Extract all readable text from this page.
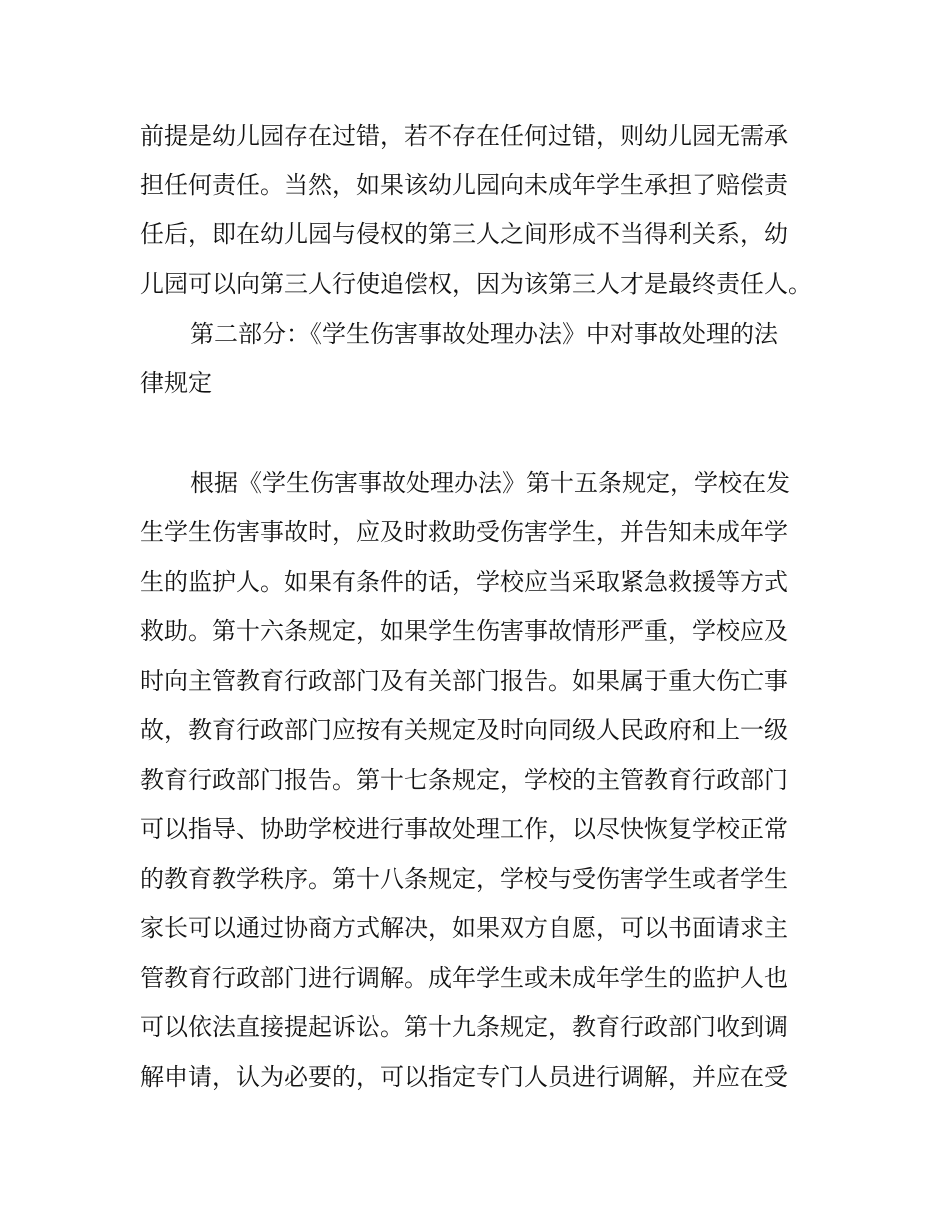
前提是幼儿园存在过错，若不存在任何过错，则幼儿园无需承

担任何责任。当然，如果该幼儿园向未成年学生承担了赔偿责

任后，即在幼儿园与侵权的第三人之间形成不当得利关系，幼

儿园可以向第三人行使追偿权，因为该第三人才是最终责任人。

第二部分：《学生伤害事故处理办法》中对事故处理的法

律规定

根据《学生伤害事故处理办法》第十五条规定，学校在发

生学生伤害事故时，应及时救助受伤害学生，并告知未成年学

生的监护人。如果有条件的话，学校应当采取紧急救援等方式

救助。第十六条规定，如果学生伤害事故情形严重，学校应及

时向主管教育行政部门及有关部门报告。如果属于重大伤亡事

故，教育行政部门应按有关规定及时向同级人民政府和上一级

教育行政部门报告。第十七条规定，学校的主管教育行政部门

可以指导、协助学校进行事故处理工作，以尽快恢复学校正常

的教育教学秩序。第十八条规定，学校与受伤害学生或者学生

家长可以通过协商方式解决，如果双方自愿，可以书面请求主

管教育行政部门进行调解。成年学生或未成年学生的监护人也

可以依法直接提起诉讼。第十九条规定，教育行政部门收到调

解申请，认为必要的，可以指定专门人员进行调解，并应在受
